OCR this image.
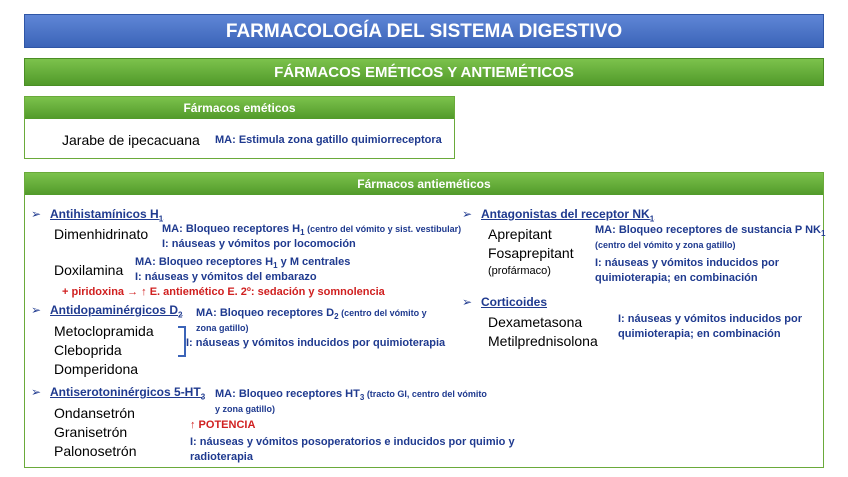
FARMACOLOGÍA DEL SISTEMA DIGESTIVO
FÁRMACOS EMÉTICOS Y ANTIEMÉTICOS
Fármacos eméticos
Jarabe de ipecacuana MA: Estimula zona gatillo quimiorreceptora
Fármacos antieméticos
➢ Antihistamínicos $H_1$
Dimenhidrinato MA: Bloqueo receptores $H_1$ (centro del vómito y sist. vestibular)
I: náuseas y vómitos por locomoción
Doxilamina MA: Bloqueo receptores $H_1$ y M centrales
I: náuseas y vómitos del embarazo
+ piridoxina → ↑ E. antiemético E. 2º: sedación y somnolencia
➢ Antidopaminérgicos $D_2$ MA: Bloqueo receptores $D_2$ (centro del vómito y
zona gatillo)
Metoclopramida
Cleboprida
Domperidona
I: náuseas y vómitos inducidos por quimioterapia
➢ Antiserotoninérgicos $5-HT_3$ MA: Bloqueo receptores $HT_3$ (tracto GI, centro del vómito
y zona gatillo)
Ondansetrón
Granisetrón
Palonosetrón
↑ POTENCIA
I: náuseas y vómitos posoperatorios e inducidos por quimio y
radioterapia
➢ Antagonistas del receptor $NK_1$
Aprepitant
Fosaprepitant
(profármaco)
MA: Bloqueo receptores de sustancia P $NK_1$
(centro del vómito y zona gatillo)
I: náuseas y vómitos inducidos por
quimioterapia; en combinación
➢ Corticoides
Dexametasona
Metilprednisolona
I: náuseas y vómitos inducidos por
quimioterapia; en combinación
